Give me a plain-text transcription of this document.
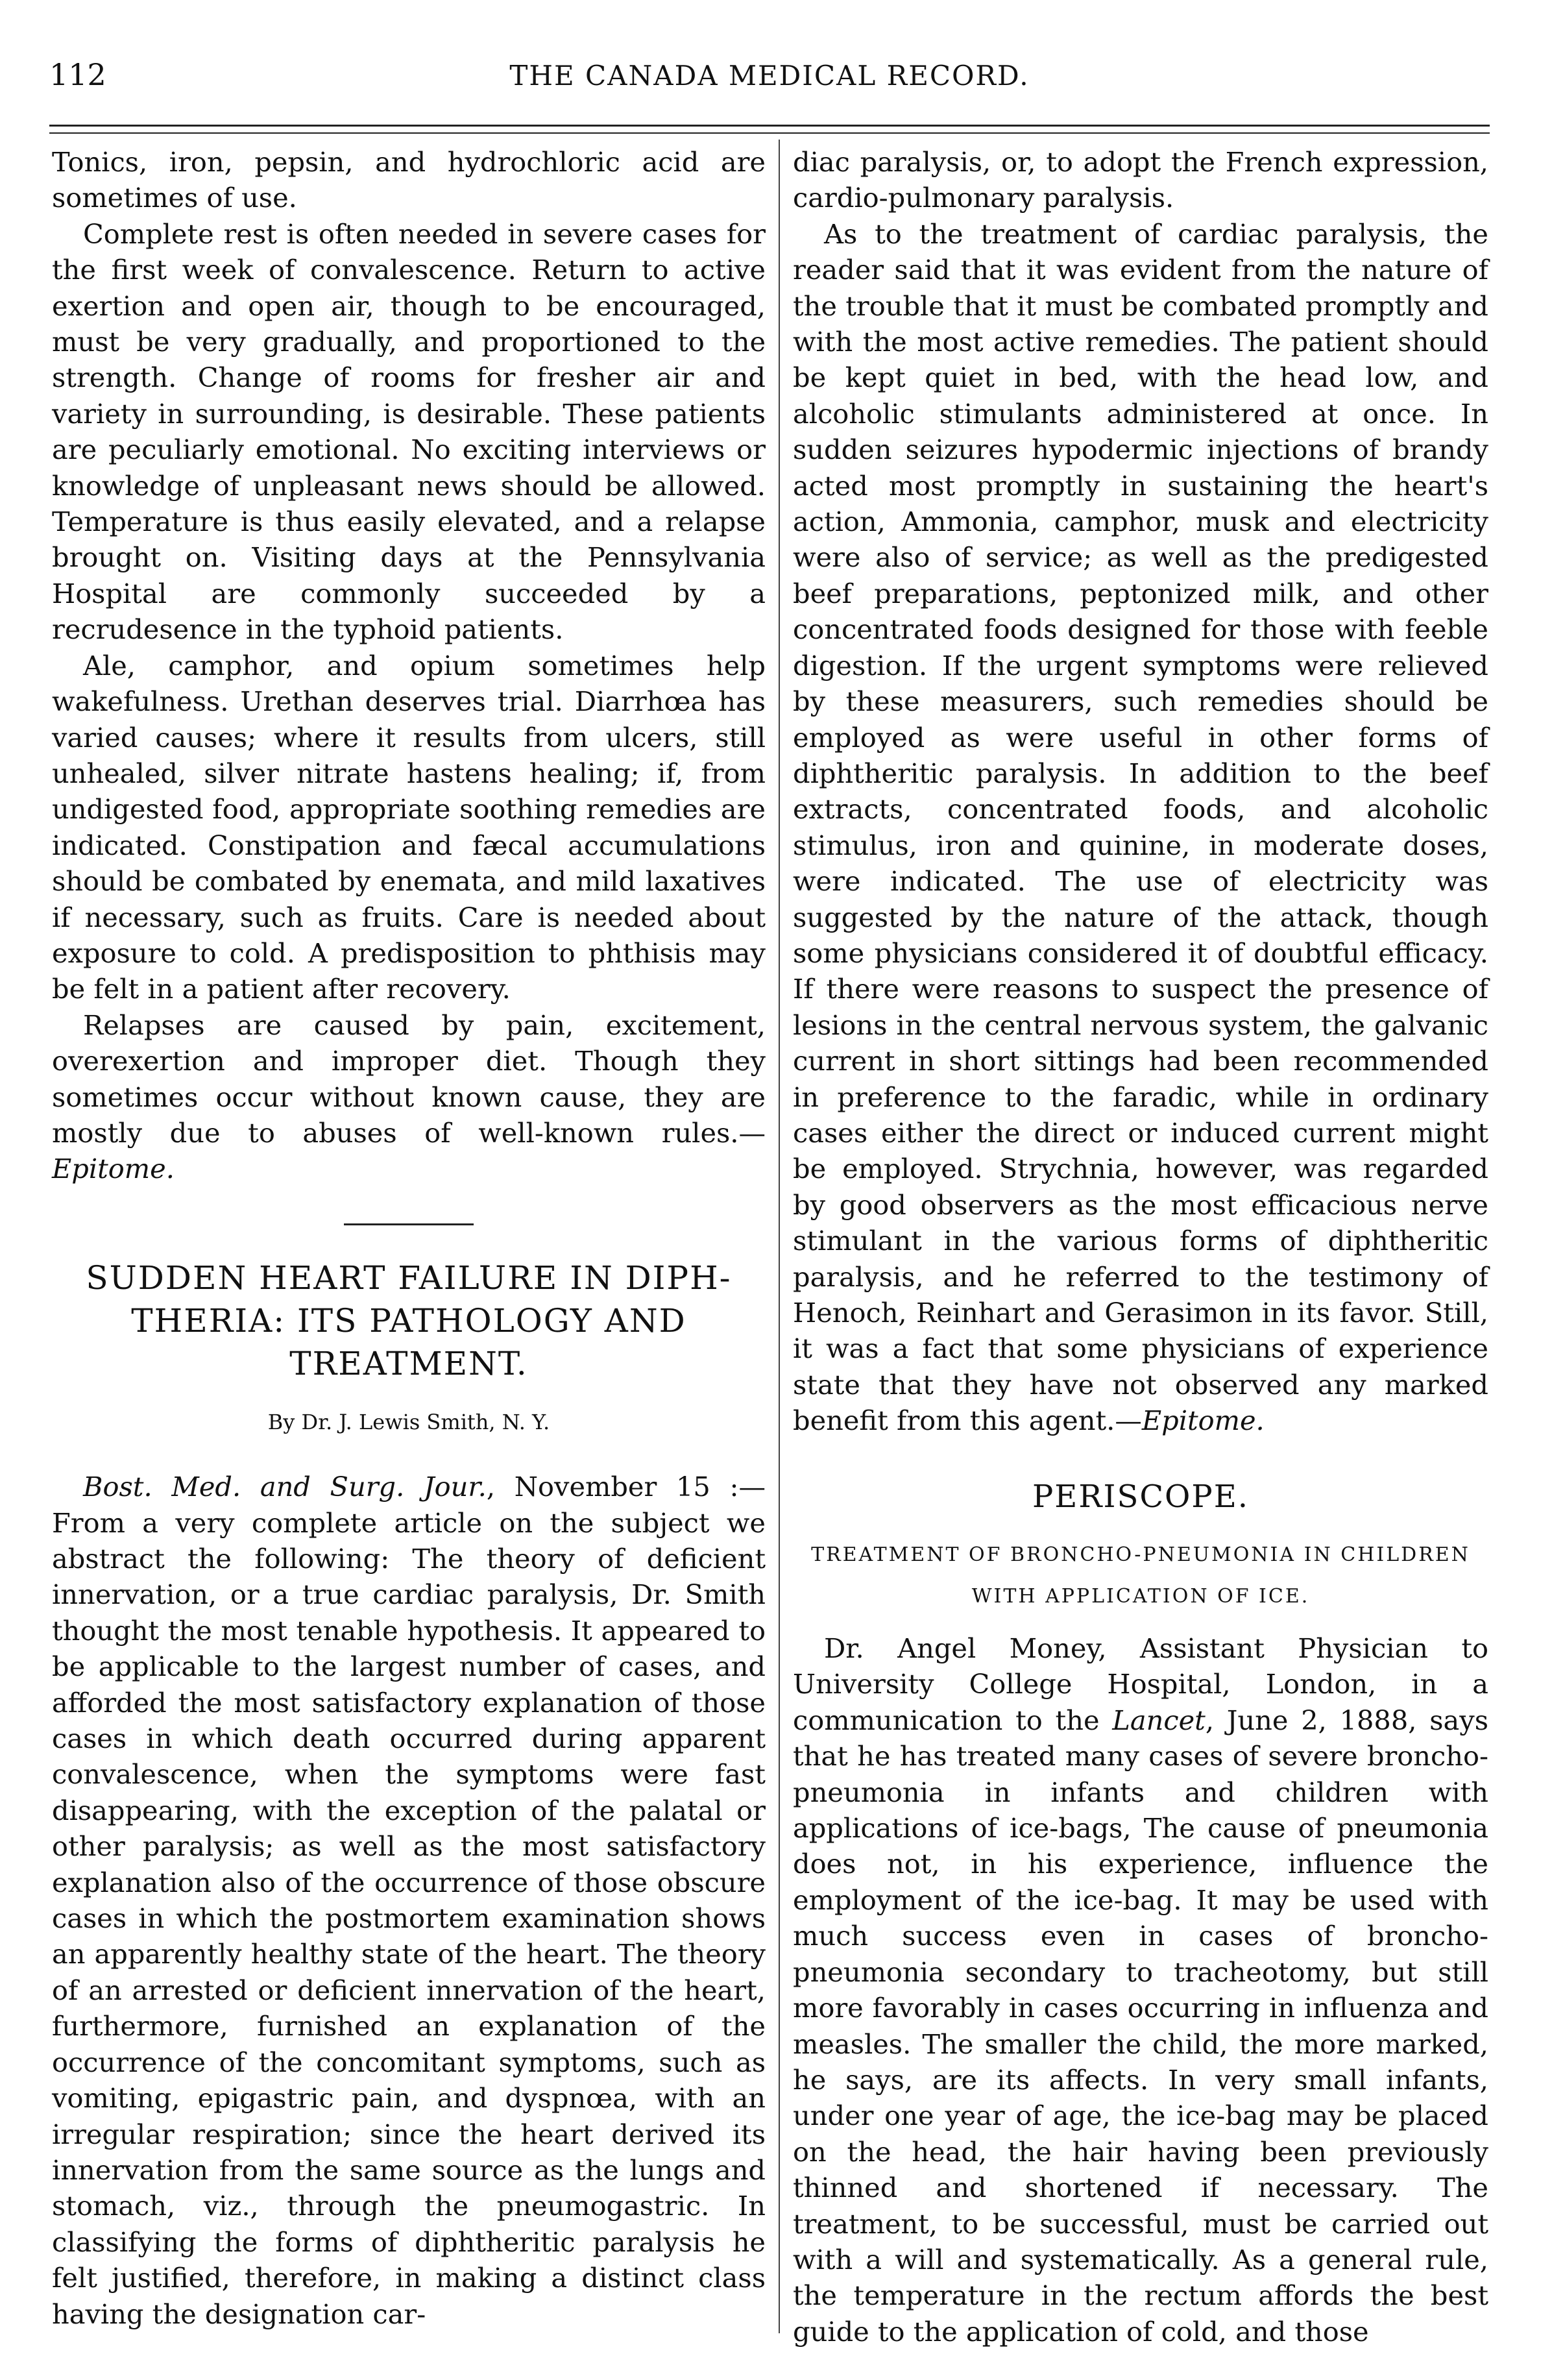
112	THE CANADA MEDICAL RECORD.

Tonics, iron, pepsin, and hydrochloric acid are sometimes of use.

Complete rest is often needed in severe cases for the first week of convalescence. Return to active exertion and open air, though to be encouraged, must be very gradually, and proportioned to the strength. Change of rooms for fresher air and variety in surrounding, is desirable. These patients are peculiarly emotional. No exciting interviews or knowledge of unpleasant news should be allowed. Temperature is thus easily elevated, and a relapse brought on. Visiting days at the Pennsylvania Hospital are commonly succeeded by a recrudesence in the typhoid patients.

Ale, camphor, and opium sometimes help wakefulness. Urethan deserves trial. Diarrhœa has varied causes; where it results from ulcers, still unhealed, silver nitrate hastens healing; if, from undigested food, appropriate soothing remedies are indicated. Constipation and fæcal accumulations should be combated by enemata, and mild laxatives if necessary, such as fruits. Care is needed about exposure to cold. A predisposition to phthisis may be felt in a patient after recovery.

Relapses are caused by pain, excitement, overexertion and improper diet. Though they sometimes occur without known cause, they are mostly due to abuses of well-known rules.—Epitome.

SUDDEN HEART FAILURE IN DIPH-
THERIA: ITS PATHOLOGY AND
TREATMENT.
By Dr. J. Lewis Smith, N. Y.

Bost. Med. and Surg. Jour., November 15 :— From a very complete article on the subject we abstract the following: The theory of deficient innervation, or a true cardiac paralysis, Dr. Smith thought the most tenable hypothesis. It appeared to be applicable to the largest number of cases, and afforded the most satisfactory explanation of those cases in which death occurred during apparent convalescence, when the symptoms were fast disappearing, with the exception of the palatal or other paralysis; as well as the most satisfactory explanation also of the occurrence of those obscure cases in which the postmortem examination shows an apparently healthy state of the heart. The theory of an arrested or deficient innervation of the heart, furthermore, furnished an explanation of the occurrence of the concomitant symptoms, such as vomiting, epigastric pain, and dyspnœa, with an irregular respiration; since the heart derived its innervation from the same source as the lungs and stomach, viz., through the pneumogastric. In classifying the forms of diphtheritic paralysis he felt justified, therefore, in making a distinct class having the designation car-

diac paralysis, or, to adopt the French expression, cardio-pulmonary paralysis.

As to the treatment of cardiac paralysis, the reader said that it was evident from the nature of the trouble that it must be combated promptly and with the most active remedies. The patient should be kept quiet in bed, with the head low, and alcoholic stimulants administered at once. In sudden seizures hypodermic injections of brandy acted most promptly in sustaining the heart's action, Ammonia, camphor, musk and electricity were also of service; as well as the predigested beef preparations, peptonized milk, and other concentrated foods designed for those with feeble digestion. If the urgent symptoms were relieved by these measurers, such remedies should be employed as were useful in other forms of diphtheritic paralysis. In addition to the beef extracts, concentrated foods, and alcoholic stimulus, iron and quinine, in moderate doses, were indicated. The use of electricity was suggested by the nature of the attack, though some physicians considered it of doubtful efficacy. If there were reasons to suspect the presence of lesions in the central nervous system, the galvanic current in short sittings had been recommended in preference to the faradic, while in ordinary cases either the direct or induced current might be employed. Strychnia, however, was regarded by good observers as the most efficacious nerve stimulant in the various forms of diphtheritic paralysis, and he referred to the testimony of Henoch, Reinhart and Gerasimon in its favor. Still, it was a fact that some physicians of experience state that they have not observed any marked benefit from this agent.—Epitome.

PERISCOPE.
TREATMENT OF BRONCHO-PNEUMONIA IN CHILDREN
WITH APPLICATION OF ICE.

Dr. Angel Money, Assistant Physician to University College Hospital, London, in a communication to the Lancet, June 2, 1888, says that he has treated many cases of severe broncho-pneumonia in infants and children with applications of ice-bags, The cause of pneumonia does not, in his experience, influence the employment of the ice-bag. It may be used with much success even in cases of broncho-pneumonia secondary to tracheotomy, but still more favorably in cases occurring in influenza and measles. The smaller the child, the more marked, he says, are its affects. In very small infants, under one year of age, the ice-bag may be placed on the head, the hair having been previously thinned and shortened if necessary. The treatment, to be successful, must be carried out with a will and systematically. As a general rule, the temperature in the rectum affords the best guide to the application of cold, and those
